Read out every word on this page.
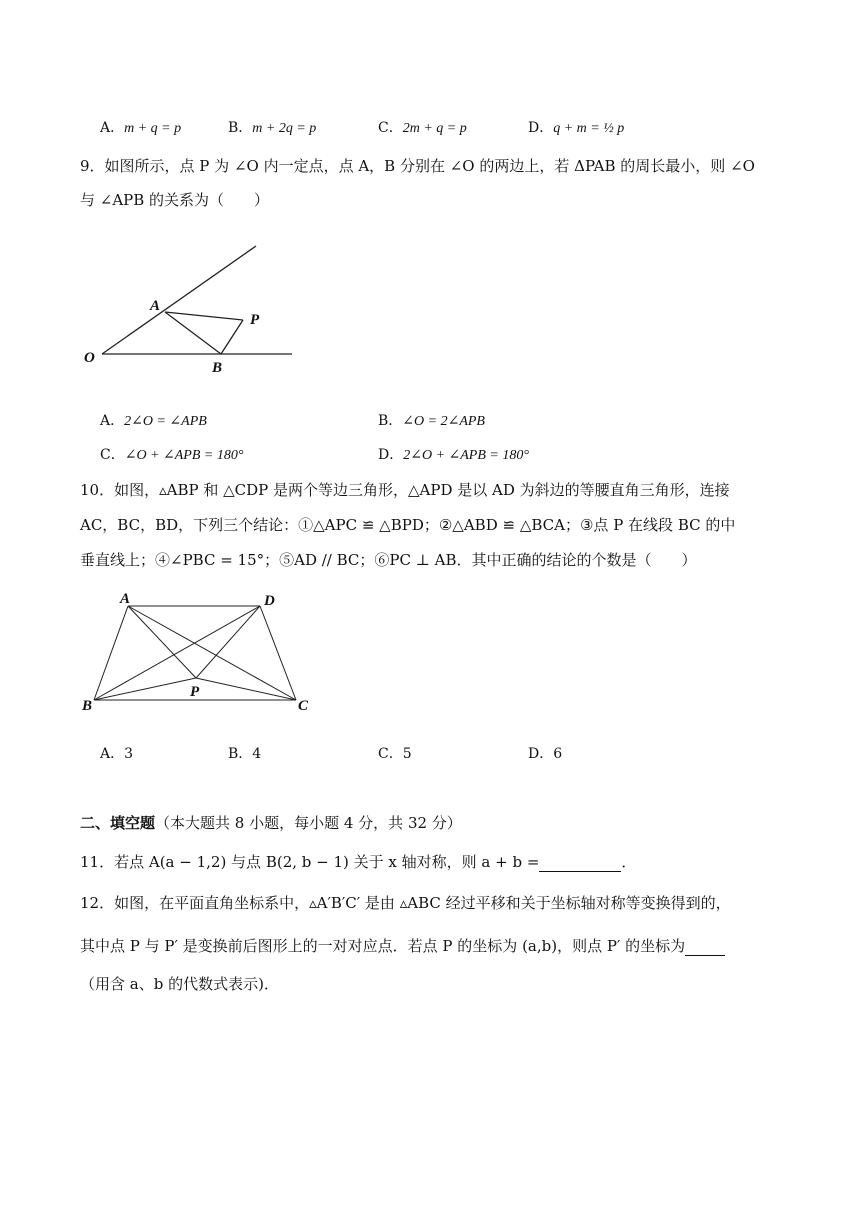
A．m + q = p	B．m + 2q = p	C．2m + q = p	D．q + m = ½ p
9．如图所示，点 P 为 ∠O 内一定点，点 A，B 分别在 ∠O 的两边上，若 ΔPAB 的周长最小，则 ∠O
与 ∠APB 的关系为（　　）
O
A
P
B
A．2∠O = ∠APB	B．∠O = 2∠APB
C．∠O + ∠APB = 180°	D．2∠O + ∠APB = 180°
10．如图，▵ABP 和 △CDP 是两个等边三角形，△APD 是以 AD 为斜边的等腰直角三角形，连接
AC，BC，BD，下列三个结论：①△APC ≌ △BPD；②△ABD ≌ △BCA；③点 P 在线段 BC 的中
垂直线上；④∠PBC = 15°；⑤AD // BC；⑥PC ⊥ AB．其中正确的结论的个数是（　　）
A	D
B	C
P
A．3	B．4	C．5	D．6
二、填空题（本大题共 8 小题，每小题 4 分，共 32 分）
11．若点 A(a − 1,2) 与点 B(2, b − 1) 关于 x 轴对称，则 a + b =	．
12．如图，在平面直角坐标系中，▵A′B′C′ 是由 ▵ABC 经过平移和关于坐标轴对称等变换得到的，
其中点 P 与 P′ 是变换前后图形上的一对对应点．若点 P 的坐标为 (a,b)，则点 P′ 的坐标为
（用含 a、b 的代数式表示)．
